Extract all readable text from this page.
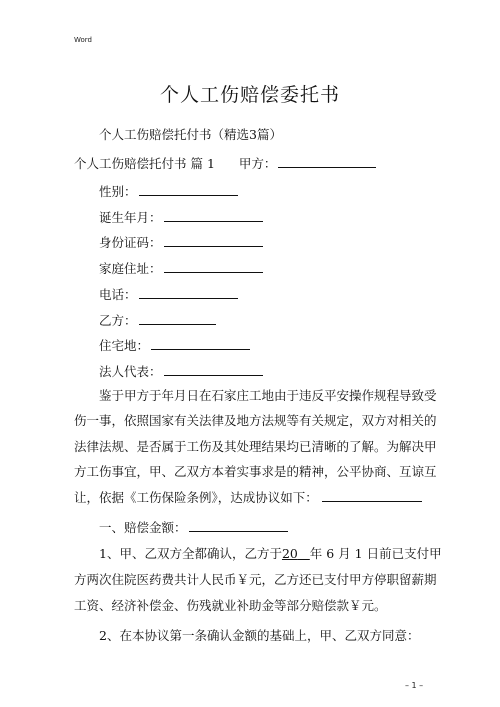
Word
个人工伤赔偿委托书
个人工伤赔偿托付书（精选3篇）
个人工伤赔偿托付书 篇 1 甲方：
性别：
诞生年月：
身份证码：
家庭住址：
电话：
乙方：
住宅地：
法人代表：
鉴于甲方于年月日在石家庄工地由于违反平安操作规程导致受
伤一事，依照国家有关法律及地方法规等有关规定，双方对相关的
法律法规、是否属于工伤及其处理结果均已清晰的了解。为解决甲
方工伤事宜，甲、乙双方本着实事求是的精神，公平协商、互谅互
让，依据《工伤保险条例》，达成协议如下：
一、赔偿金额：
1、甲、乙双方全都确认，乙方于20 年 6 月 1 日前已支付甲
方两次住院医药费共计人民币￥元，乙方还已支付甲方停职留薪期
工资、经济补偿金、伤残就业补助金等部分赔偿款￥元。
2、在本协议第一条确认金额的基础上，甲、乙双方同意：
– 1 –
